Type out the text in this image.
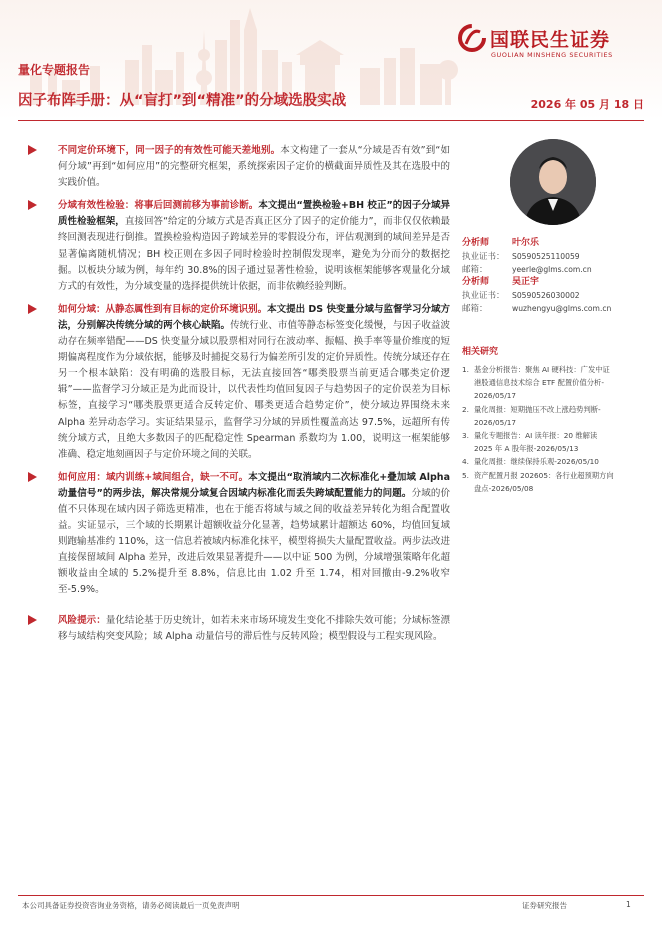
国联民生证券
GUOLIAN MINSHENG SECURITIES
量化专题报告
因子布阵手册：从“盲打”到“精准”的分域选股实战	2026 年 05 月 18 日
不同定价环境下，同一因子的有效性可能天差地别。本文构建了一套从“分域是否有效”到“如何分域”再到“如何应用”的完整研究框架，系统探索因子定价的横截面异质性及其在选股中的实践价值。
分域有效性检验：将事后回测前移为事前诊断。本文提出“置换检验+BH 校正”的因子分域异质性检验框架，直接回答“给定的分域方式是否真正区分了因子的定价能力”，而非仅仅依赖最终回测表现进行倒推。置换检验构造因子跨域差异的零假设分布，评估观测到的域间差异是否显著偏离随机情况；BH 校正则在多因子同时检验时控制假发现率，避免为分而分的数据挖掘。以板块分域为例，每年约 30.8%的因子通过显著性检验，说明该框架能够客观量化分域方式的有效性，为分域变量的选择提供统计依据，而非依赖经验判断。
如何分域：从静态属性到有目标的定价环境识别。本文提出 DS 快变量分域与监督学习分域方法，分别解决传统分域的两个核心缺陷。传统行业、市值等静态标签变化缓慢，与因子收益波动存在频率错配——DS 快变量分域以股票相对同行在波动率、振幅、换手率等量价维度的短期偏离程度作为分域依据，能够及时捕捉交易行为偏差所引发的定价异质性。传统分域还存在另一个根本缺陷：没有明确的选股目标，无法直接回答“哪类股票当前更适合哪类定价逻辑”——监督学习分域正是为此而设计，以代表性均值回复因子与趋势因子的定价误差为目标标签，直接学习“哪类股票更适合反转定价、哪类更适合趋势定价”，使分域边界围绕未来 Alpha 差异动态学习。实证结果显示，监督学习分域的异质性覆盖高达 97.5%，远超所有传统分域方式，且绝大多数因子的匹配稳定性 Spearman 系数均为 1.00，说明这一框架能够准确、稳定地刻画因子与定价环境之间的关联。
如何应用：域内训练+域间组合，缺一不可。本文提出“取消域内二次标准化+叠加域 Alpha 动量信号”的两步法，解决常规分域复合因域内标准化而丢失跨域配置能力的问题。分域的价值不只体现在域内因子筛选更精准，也在于能否将域与域之间的收益差异转化为组合配置收益。实证显示，三个域的长期累计超额收益分化显著，趋势域累计超额达 60%，均值回复域则跑输基准约 110%，这一信息若被域内标准化抹平，模型将损失大量配置收益。两步法改进直接保留域间 Alpha 差异，改进后效果显著提升——以中证 500 为例，分域增强策略年化超额收益由全域的 5.2%提升至 8.8%，信息比由 1.02 升至 1.74，相对回撤由-9.2%收窄至-5.9%。
风险提示：量化结论基于历史统计，如若未来市场环境发生变化不排除失效可能；分域标签漂移与域结构突变风险；域 Alpha 动量信号的滞后性与反转风险；模型假设与工程实现风险。
分析师	叶尔乐
执业证书： S0590525110059
邮箱：	yeerle@glms.com.cn
分析师	吴正宇
执业证书： S0590526030002
邮箱：	wuzhengyu@glms.com.cn
相关研究
1. 基金分析报告：聚焦 AI 硬科技：广发中证
港股通信息技术综合 ETF 配置价值分析-
2026/05/17
2. 量化周报：短期抛压不改上涨趋势判断-
2026/05/17
3. 量化专题报告：AI 读年报：20 维解读
2025 年 A 股年报-2026/05/13
4. 量化周报：继续保持乐观-2026/05/10
5. 资产配置月报 202605：各行业超预期方向
盘点-2026/05/08
本公司具备证券投资咨询业务资格，请务必阅读最后一页免责声明	证券研究报告	1
